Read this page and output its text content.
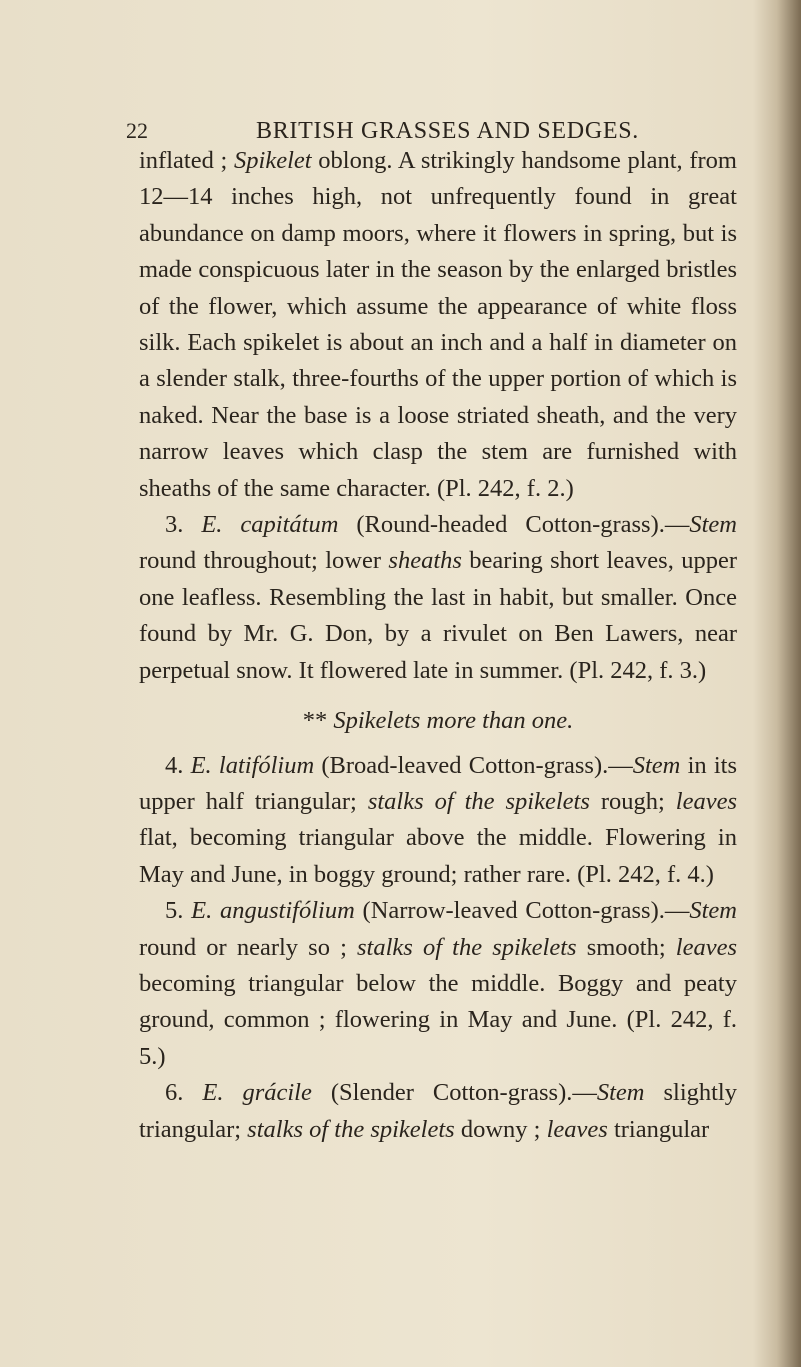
22	BRITISH GRASSES AND SEDGES.

inflated ; Spikelet oblong. A strikingly handsome plant, from 12—14 inches high, not unfrequently found in great abundance on damp moors, where it flowers in spring, but is made conspicuous later in the season by the enlarged bristles of the flower, which assume the appearance of white floss silk. Each spikelet is about an inch and a half in diameter on a slender stalk, three-fourths of the upper portion of which is naked. Near the base is a loose striated sheath, and the very narrow leaves which clasp the stem are furnished with sheaths of the same character. (Pl. 242, f. 2.)

3. E. capitátum (Round-headed Cotton-grass).—Stem round throughout; lower sheaths bearing short leaves, upper one leafless. Resembling the last in habit, but smaller. Once found by Mr. G. Don, by a rivulet on Ben Lawers, near perpetual snow. It flowered late in summer. (Pl. 242, f. 3.)

** Spikelets more than one.

4. E. latifólium (Broad-leaved Cotton-grass).—Stem in its upper half triangular; stalks of the spikelets rough; leaves flat, becoming triangular above the middle. Flowering in May and June, in boggy ground; rather rare. (Pl. 242, f. 4.)

5. E. angustifólium (Narrow-leaved Cotton-grass).—Stem round or nearly so ; stalks of the spikelets smooth; leaves becoming triangular below the middle. Boggy and peaty ground, common ; flowering in May and June. (Pl. 242, f. 5.)

6. E. grácile (Slender Cotton-grass).—Stem slightly triangular; stalks of the spikelets downy ; leaves triangular
